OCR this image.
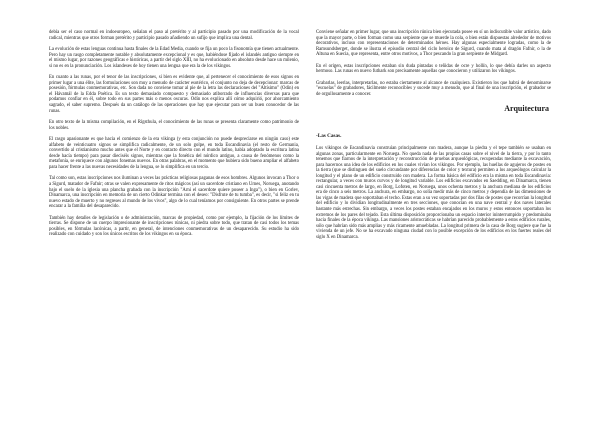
debía ser el caso normal en indoeuropeo, señalan el paso al pretérito y al participio pasado por una modificación de la vocal radical, mientras que otros forman pretérito y participio pasado añadiendo un sufijo que implica una dental.

La evolución de estas lenguas continua hasta finales de la Edad Media, cuando se fija un poco la fisonomía que tienen actualmente. Pero hay un rasgo completamente notable y absolutamente excepcional y es que, habiéndose fijado el islandés antiguo siempre en el mismo lugar, por razones geográficas e históricas, a partir del siglo XIII, no ha evolucionado en absoluto desde hace un milenio, si no es en la pronunciación. Los islandeses de hoy tienen una lengua que era la de los vikingos.

En cuanto a las runas, por el tenor de las inscripciones, si bien es evidente que, al pertenecer el conocimiento de esos signos en primer lugar a una élite, las formulaciones son muy a menudo de carácter esotérico, el conjunto no deja de decepcionar: marcas de posesión, fórmulas conmemorativas, etc. Son dada no conviene tomar al pie de la letra las declaraciones del "Altísimo" (Odín) en el Hávamál de la Edda Poética. Es un texto demasiado compuesto y demasiado atiborrado de influencias diversas para que podamos confiar en él, sobre todo en sus partes más o menos oscuras. Odín nos explica allí cómo adquirió, por ahorcamiento sagrado, el saber supremo. Después da un catálogo de las operaciones que hay que ejecutar para ser un buen conocedor de las runas.

En otro texto de la misma compilación, en el Rígsthula, el conocimiento de las runas se presenta claramente como patrimonio de los nobles.

El rasgo apasionante es que hacia el comienzo de la era vikinga (y esta conjunción no puede despreciarse en ningún caso) este alfabeto de veinticuatro signos se simplifica radicalmente, de un solo golpe, en toda Escandinavia (el resto de Germania, convertido al cristianismo mucho antes que el Norte y en contacto directo con el mundo latino, había adoptado la escritura latina desde hacía tiempo) para pasar dieciséis signos, mientras que la fonética del nórdico antiguo, a causa de fenómenos como la metafonía, se enriquece con algunos fonemas nuevos. En otras palabras, en el momento que hubiera sido bueno ampliar el alfabeto para hacer frente a las nuevas necesidades de la lengua, se lo simplifica en un tercio.

Tal como son, estas inscripciones nos iluminan a veces las prácticas religiosas paganas de esos hombres. Algunos invocan a Thor o a Sigurd, matador de Fafnir; otras se valen expresamente de ritos mágicos (así un sacerdote cristiano en Urnes, Noruega, anotando bajo el suelo de la iglesia una plancha grabada con la inscripción "Arni el sacerdote quiere poseer a Inga"), o bien en Gorlev, Dinamarca, una inscripción en memoria de un cierto Odinkar termina con el deseo: "Disfrute de tu tumba", es decir, "si feliz en tu nuevo estado de muerto y no regreses al mundo de los vivos", algo de lo cual teníamos por consiguiente. En otros partes se prende encarar a la familia del desaparecido.

También hay detalles de legislación o de administración, marcas de propiedad, como por ejemplo, la fijación de los límites de tierras. Se dispone de un cuerpo impresionante de inscripciones rúnicas, ni piedra sobre todo, que tratan de casi todos los temas posibles, en fórmulas lacónicas, a partir, en general, de intenciones conmemorativas de un desaparecido. Su estudio ha sido realizado con cuidado y son los únicos escritos de los vikingos en su época.

Conviene señalar en primer lugar, que una inscripción rúnica bien ejecutada posee en sí un indiscutible valor artístico, dado que la mayor parte, o bien forman como una serpiente que se muerde la cola, o bien están dispuestas alrededor de motivos decorativos, incluso con representaciones de determinados héroes. Hay algunas especialmente logradas, como la de Ramsundsberget, donde se ilustra el episodio central del ciclo heroico de Sigurd, cuando mata al dragón Fafnir, o la de Altuna en Suecia, que representa, entre otros motivos, a Thor pescando la gran serpiente de Midgard.

En el origen, estas inscripciones estaban sin duda pintadas o teñidas de ocre y hollín, lo que debía darles un aspecto hermoso. Las runas en nuevo futhark son precisamente aquellas que conocieron y utilizaron los vikingos.

Grabarlas, leerlas, interpretarlas, no estaba ciertamente al alcance de cualquiera. Existieron los que habrá de denominarse "escuelas" de grabadores, fácilmente reconocibles y sucede muy a menudo, que al final de una inscripción, el grabador se de orgullosamente a conocer.

Arquitectura
-Las Casas.

Los vikingos de Escandinavia construían principalmente con madera, aunque la piedra y el tepe también se usaban en algunas zonas, particularmente en Noruega. No queda nada de las propias casas sobre el nivel de la tierra, y por lo tanto tenemos que fiarnos de la interpretación y reconstrucción de pruebas arqueológicas, recuperadas mediante la excavación, para hacernos una idea de los edificios en los cuales vivían los vikingos. Por ejemplo, las huellas de agujeros de postes en la tierra (que se distinguen del suelo circundante por diferencias de color y textura) permiten a los arqueólogos calcular la longitud y el plano de un edificio construido con madera. La forma básica del edificio era la misma en toda Escandinavia: rectangular, a veces con muros curvos y de longitud variable. Los edificios excavados en Saedding, en Dinamarca, tienen casi cincuenta metros de largo, en Borg, Lofoten, en Noruega, unos ochenta metros y la anchura mediana de los edificios era de cinco a seis metros. La anchura, en embargo, no solía medir más de cinco metros y dependía de las dimensiones de las vigas de madera que soportaban el techo. Estas eran a su vez soportadas por dos filas de postes que recorrían la longitud del edificio y lo dividían longitudinalmente en tres secciones, que conocían en una nave central y dos naves laterales bastante más estrechas. Sin embargo, a veces los postes estaban encajados en los muros y estos entonces soportaban los extremos de los pares del tejado. Esta última disposición proporcionaba un espacio interior ininterrumpido y predominaba hacia finales de la época vikinga. Las mansiones aristocráticas se habrían parecido probablemente a estos edificios rurales, sólo que habrían sido más amplias y más ricamente amuebladas. La longitud primera de la casa de Borg sugiere que fue la vivienda de un jefe. No se ha excavado ninguna ciudad con lo posible excepción de los edificios en los fuertes reales del siglo X en Dinamarca.
